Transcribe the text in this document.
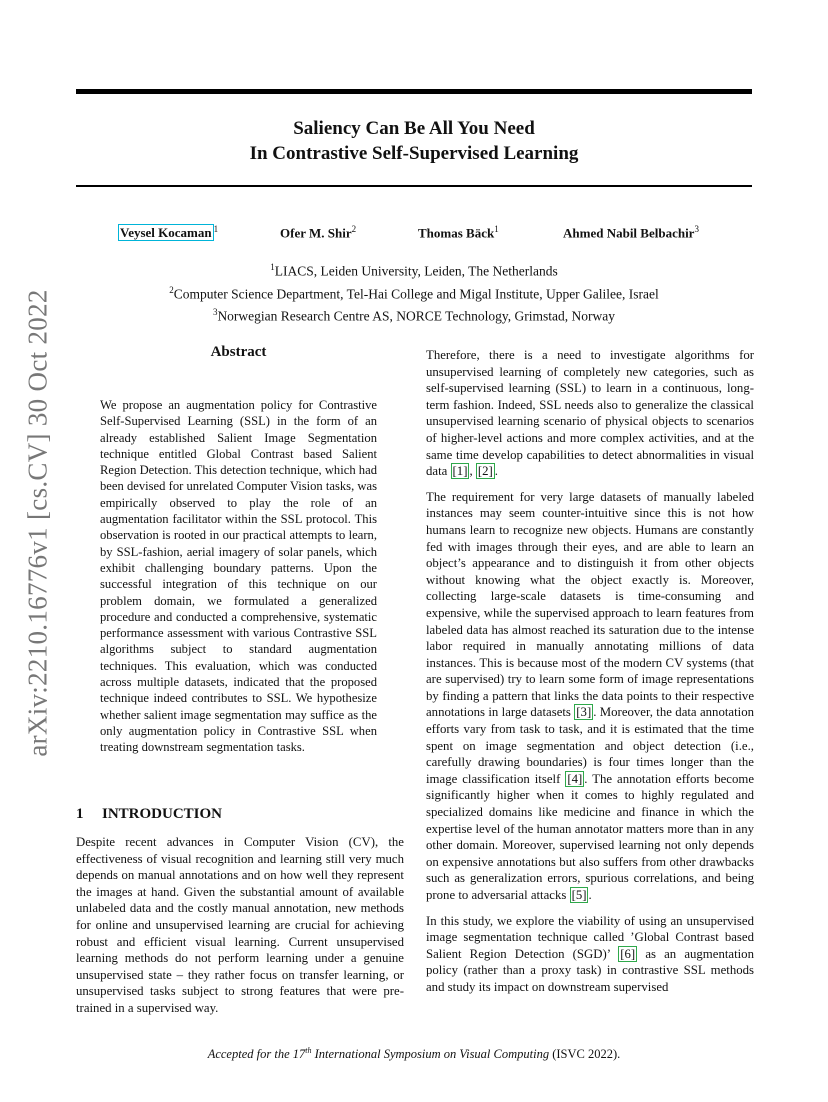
arXiv:2210.16776v1 [cs.CV] 30 Oct 2022
Saliency Can Be All You Need
In Contrastive Self-Supervised Learning
Veysel Kocaman $^1$	Ofer M. Shir$^2$	Thomas Bäck$^1$	Ahmed Nabil Belbachir$^3$
$^1$LIACS, Leiden University, Leiden, The Netherlands
$^2$Computer Science Department, Tel-Hai College and Migal Institute, Upper Galilee, Israel
$^3$Norwegian Research Centre AS, NORCE Technology, Grimstad, Norway
Abstract
We propose an augmentation policy for Contrastive Self-Supervised Learning (SSL) in the form of an already established Salient Image Segmentation technique entitled Global Contrast based Salient Region Detection. This detection technique, which had been devised for unrelated Computer Vision tasks, was empirically observed to play the role of an augmentation facilitator within the SSL protocol. This observation is rooted in our practical attempts to learn, by SSL-fashion, aerial imagery of solar panels, which exhibit challenging boundary patterns. Upon the successful integration of this technique on our problem domain, we formulated a generalized procedure and conducted a comprehensive, systematic performance assessment with various Contrastive SSL algorithms subject to standard augmentation techniques. This evaluation, which was conducted across multiple datasets, indicated that the proposed technique indeed contributes to SSL. We hypothesize whether salient image segmentation may suffice as the only augmentation policy in Contrastive SSL when treating downstream segmentation tasks.
1 INTRODUCTION
Despite recent advances in Computer Vision (CV), the effectiveness of visual recognition and learning still very much depends on manual annotations and on how well they represent the images at hand. Given the substantial amount of available unlabeled data and the costly manual annotation, new methods for online and unsupervised learning are crucial for achieving robust and efficient visual learning. Current unsupervised learning methods do not perform learning under a genuine unsupervised state – they rather focus on transfer learning, or unsupervised tasks subject to strong features that were pre-trained in a supervised way.

Therefore, there is a need to investigate algorithms for unsupervised learning of completely new categories, such as self-supervised learning (SSL) to learn in a continuous, long-term fashion. Indeed, SSL needs also to generalize the classical unsupervised learning scenario of physical objects to scenarios of higher-level actions and more complex activities, and at the same time develop capabilities to detect abnormalities in visual data [1] , [2] .

The requirement for very large datasets of manually labeled instances may seem counter-intuitive since this is not how humans learn to recognize new objects. Humans are constantly fed with images through their eyes, and are able to learn an object’s appearance and to distinguish it from other objects without knowing what the object exactly is. Moreover, collecting large-scale datasets is time-consuming and expensive, while the supervised approach to learn features from labeled data has almost reached its saturation due to the intense labor required in manually annotating millions of data instances. This is because most of the modern CV systems (that are supervised) try to learn some form of image representations by finding a pattern that links the data points to their respective annotations in large datasets [3] . Moreover, the data annotation efforts vary from task to task, and it is estimated that the time spent on image segmentation and object detection (i.e., carefully drawing boundaries) is four times longer than the image classification itself [4] . The annotation efforts become significantly higher when it comes to highly regulated and specialized domains like medicine and finance in which the expertise level of the human annotator matters more than in any other domain. Moreover, supervised learning not only depends on expensive annotations but also suffers from other drawbacks such as generalization errors, spurious correlations, and being prone to adversarial attacks [5] .

In this study, we explore the viability of using an unsupervised image segmentation technique called ’Global Contrast based Salient Region Detection (SGD)’ [6] as an augmentation policy (rather than a proxy task) in contrastive SSL methods and study its impact on downstream supervised

Accepted for the 17th International Symposium on Visual Computing (ISVC 2022).
